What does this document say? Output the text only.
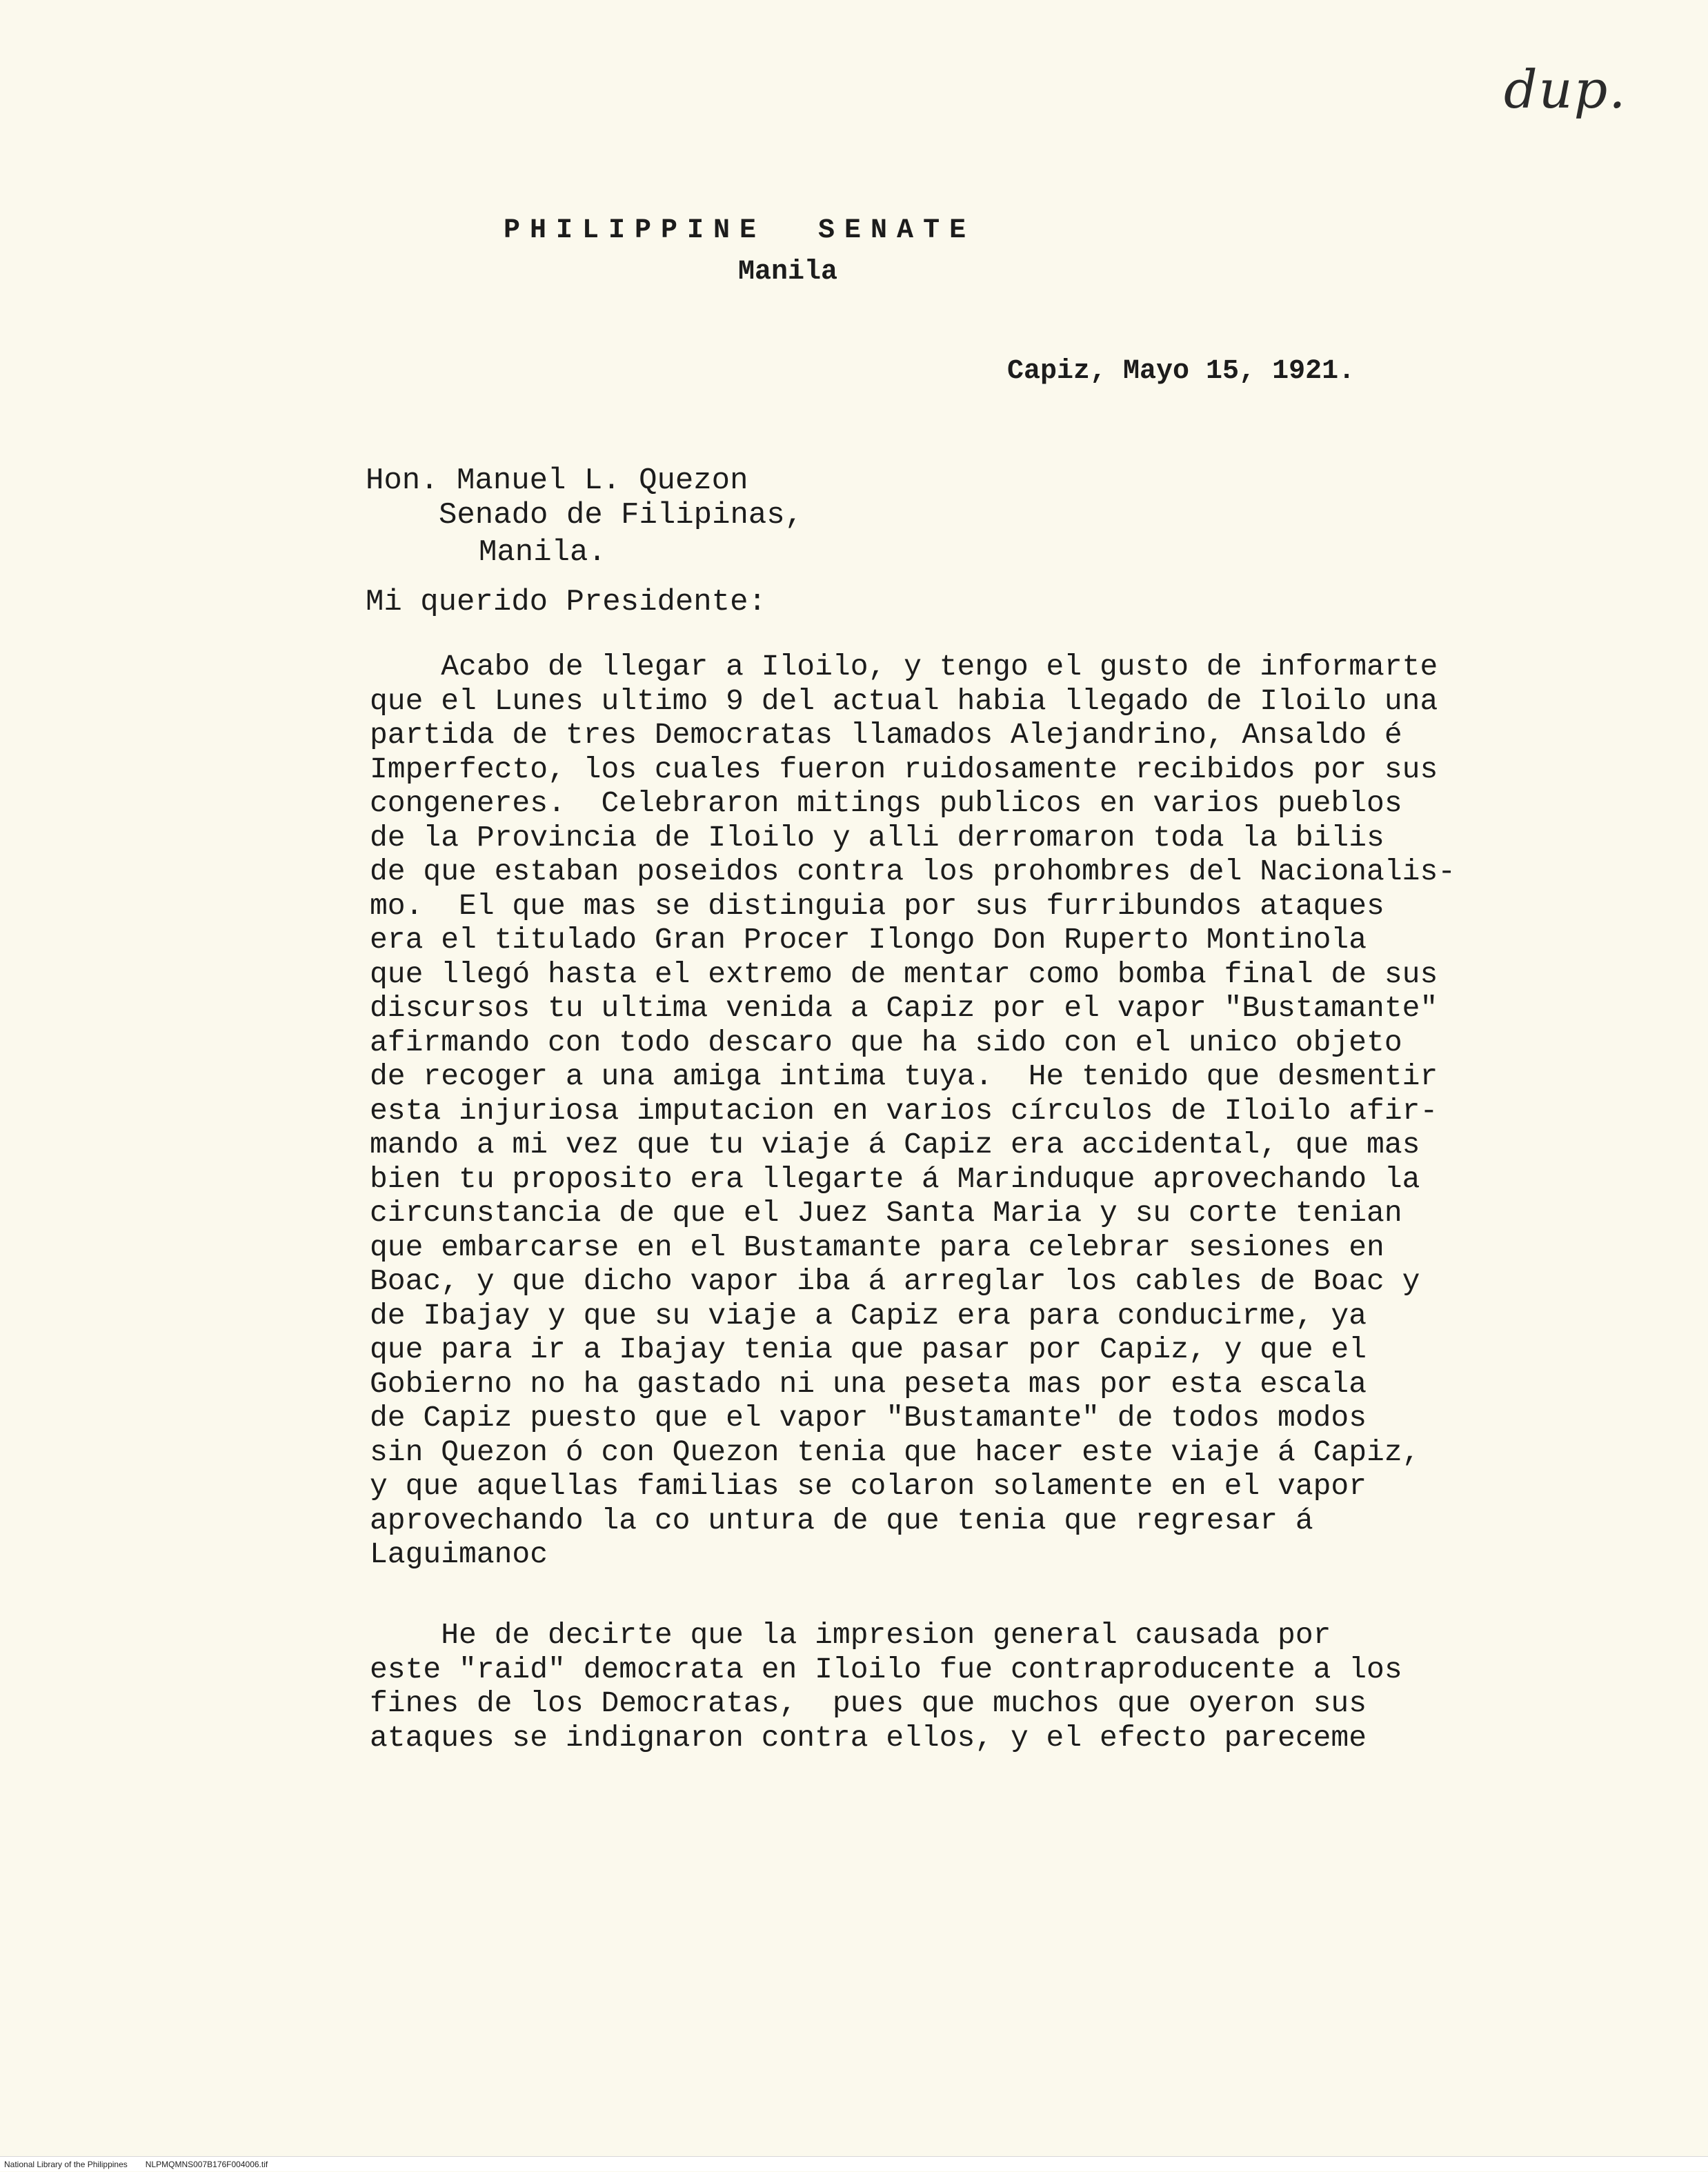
dup.
PHILIPPINE  SENATE
Manila
Capiz, Mayo 15, 1921.
Hon. Manuel L. Quezon
Senado de Filipinas,
Manila.
Mi querido Presidente:
Acabo de llegar a Iloilo, y tengo el gusto de informarte
que el Lunes ultimo 9 del actual habia llegado de Iloilo una
partida de tres Democratas llamados Alejandrino, Ansaldo é
Imperfecto, los cuales fueron ruidosamente recibidos por sus
congeneres.  Celebraron mitings publicos en varios pueblos
de la Provincia de Iloilo y alli derromaron toda la bilis
de que estaban poseidos contra los prohombres del Nacionalis-
mo.  El que mas se distinguia por sus furribundos ataques
era el titulado Gran Procer Ilongo Don Ruperto Montinola
que llegó hasta el extremo de mentar como bomba final de sus
discursos tu ultima venida a Capiz por el vapor "Bustamante"
afirmando con todo descaro que ha sido con el unico objeto
de recoger a una amiga intima tuya.  He tenido que desmentir
esta injuriosa imputacion en varios círculos de Iloilo afir-
mando a mi vez que tu viaje á Capiz era accidental, que mas
bien tu proposito era llegarte á Marinduque aprovechando la
circunstancia de que el Juez Santa Maria y su corte tenian
que embarcarse en el Bustamante para celebrar sesiones en
Boac, y que dicho vapor iba á arreglar los cables de Boac y
de Ibajay y que su viaje a Capiz era para conducirme, ya
que para ir a Ibajay tenia que pasar por Capiz, y que el
Gobierno no ha gastado ni una peseta mas por esta escala
de Capiz puesto que el vapor "Bustamante" de todos modos
sin Quezon ó con Quezon tenia que hacer este viaje á Capiz,
y que aquellas familias se colaron solamente en el vapor
aprovechando la co untura de que tenia que regresar á
Laguimanoc
He de decirte que la impresion general causada por
este "raid" democrata en Iloilo fue contraproducente a los
fines de los Democratas,  pues que muchos que oyeron sus
ataques se indignaron contra ellos, y el efecto pareceme
National Library of the Philippines NLPMQMNS007B176F004006.tif
